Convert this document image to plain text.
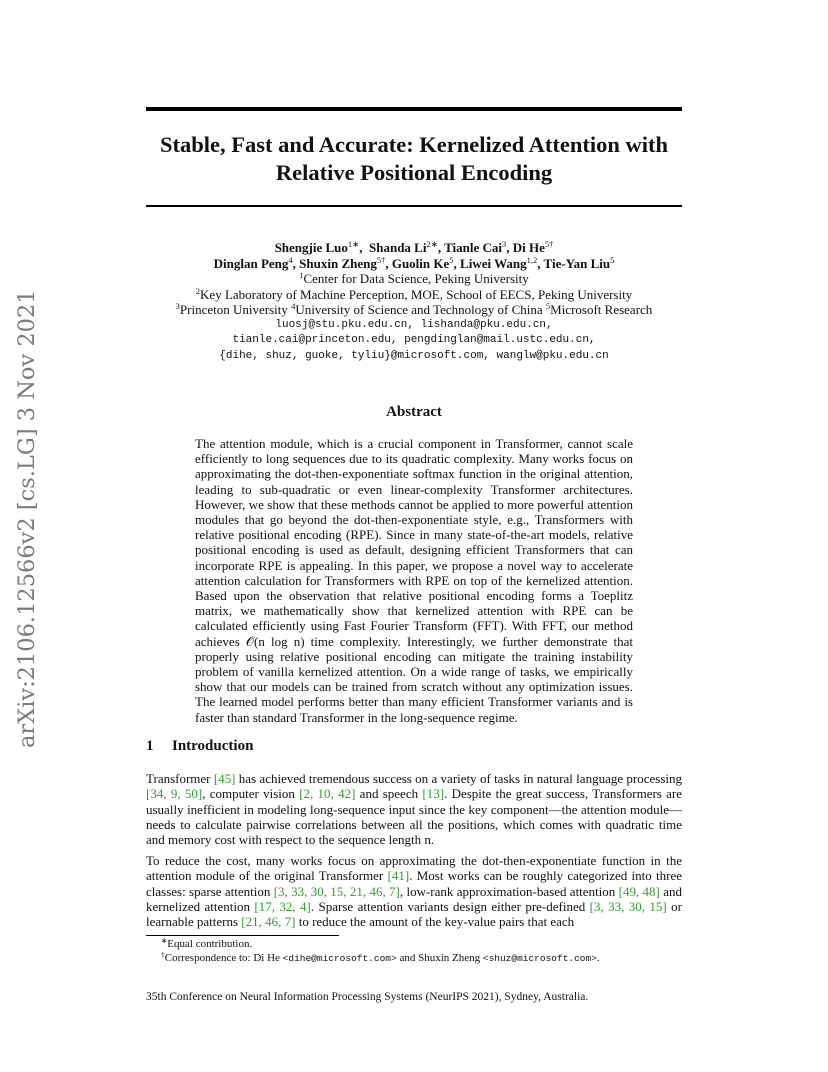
arXiv:2106.12566v2 [cs.LG] 3 Nov 2021
Stable, Fast and Accurate: Kernelized Attention with
Relative Positional Encoding
Shengjie Luo$^{1∗}$,  Shanda $Li^{2∗}$, Tianle Cai$^3$, Di $He^{5\dagger}$
Dinglan Peng$^4$, Shuxin Zheng$^{5\dagger}$, Guolin Ke$^5$, Liwei Wang$^{1,2}$, Tie-Yan Liu$^5$
$^1$Center for Data Science, Peking University
$^2$Key Laboratory of Machine Perception, MOE, School of EECS, Peking University
$^3$Princeton University $^4$University of Science and Technology of China $^5$Microsoft Research
luosj@stu.pku.edu.cn, lishanda@pku.edu.cn,
tianle.cai@princeton.edu, pengdinglan@mail.ustc.edu.cn,
{dihe, shuz, guoke, tyliu}@microsoft.com, wanglw@pku.edu.cn
Abstract
The attention module, which is a crucial component in Transformer, cannot scale efficiently to long sequences due to its quadratic complexity. Many works focus on approximating the dot-then-exponentiate softmax function in the original attention, leading to sub-quadratic or even linear-complexity Transformer architectures. However, we show that these methods cannot be applied to more powerful attention modules that go beyond the dot-then-exponentiate style, e.g., Transformers with relative positional encoding (RPE). Since in many state-of-the-art models, relative positional encoding is used as default, designing efficient Transformers that can incorporate RPE is appealing. In this paper, we propose a novel way to accelerate attention calculation for Transformers with RPE on top of the kernelized attention. Based upon the observation that relative positional encoding forms a Toeplitz matrix, we mathematically show that kernelized attention with RPE can be calculated efficiently using Fast Fourier Transform (FFT). With FFT, our method achieves 𝒪(n log n) time complexity. Interestingly, we further demonstrate that properly using relative positional encoding can mitigate the training instability problem of vanilla kernelized attention. On a wide range of tasks, we empirically show that our models can be trained from scratch without any optimization issues. The learned model performs better than many efficient Transformer variants and is faster than standard Transformer in the long-sequence regime.
1 Introduction
Transformer [45] has achieved tremendous success on a variety of tasks in natural language processing [34, 9, 50], computer vision [2, 10, 42] and speech [13]. Despite the great success, Transformers are usually inefficient in modeling long-sequence input since the key component—the attention module—needs to calculate pairwise correlations between all the positions, which comes with quadratic time and memory cost with respect to the sequence length n.
To reduce the cost, many works focus on approximating the dot-then-exponentiate function in the attention module of the original Transformer [41]. Most works can be roughly categorized into three classes: sparse attention [3, 33, 30, 15, 21, 46, 7], low-rank approximation-based attention [49, 48] and kernelized attention [17, 32, 4]. Sparse attention variants design either pre-defined [3, 33, 30, 15] or learnable patterns [21, 46, 7] to reduce the amount of the key-value pairs that each
∗Equal contribution.
†Correspondence to: Di He <dihe@microsoft.com> and Shuxin Zheng <shuz@microsoft.com>.
35th Conference on Neural Information Processing Systems (NeurIPS 2021), Sydney, Australia.
